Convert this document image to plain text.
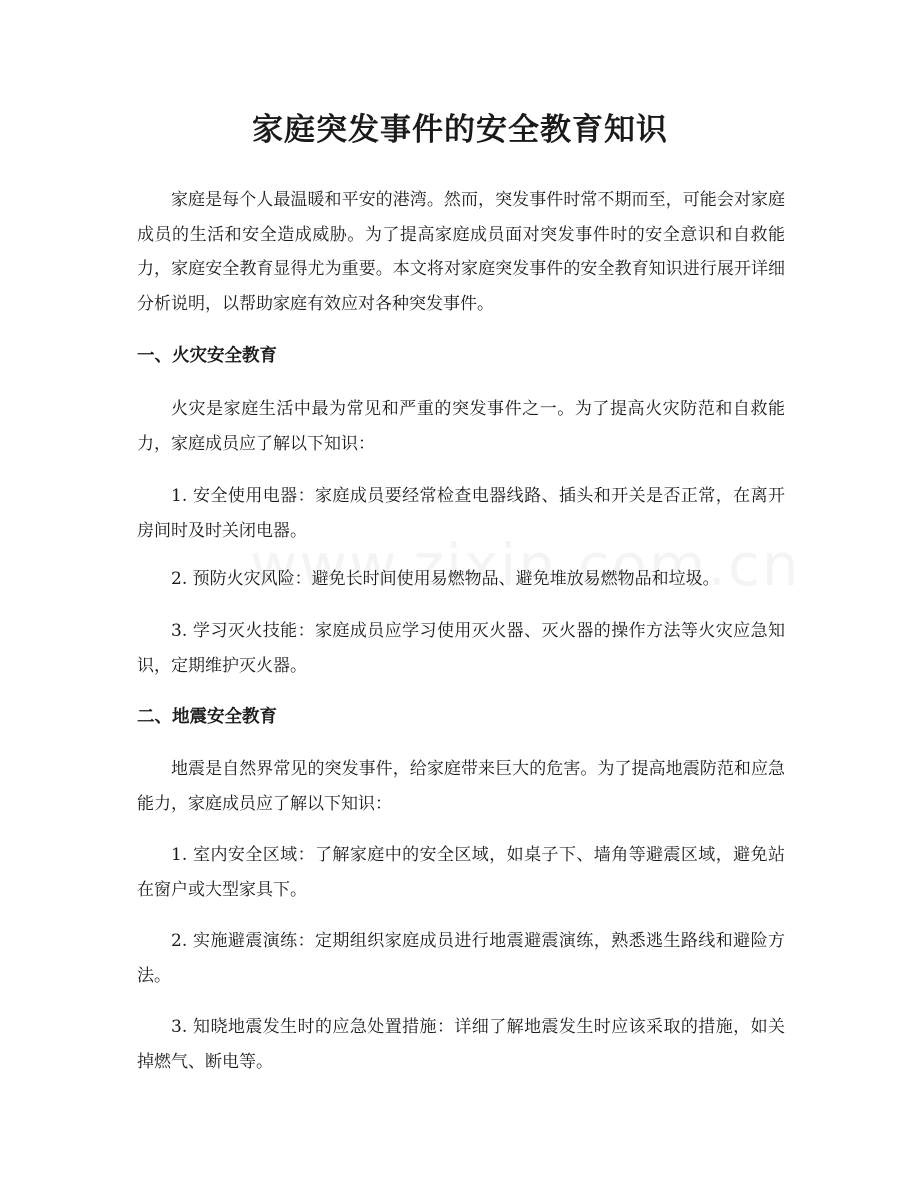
家庭突发事件的安全教育知识

家庭是每个人最温暖和平安的港湾。然而，突发事件时常不期而至，可能会对家庭成员的生活和安全造成威胁。为了提高家庭成员面对突发事件时的安全意识和自救能力，家庭安全教育显得尤为重要。本文将对家庭突发事件的安全教育知识进行展开详细分析说明，以帮助家庭有效应对各种突发事件。

一、火灾安全教育

火灾是家庭生活中最为常见和严重的突发事件之一。为了提高火灾防范和自救能力，家庭成员应了解以下知识：

1. 安全使用电器：家庭成员要经常检查电器线路、插头和开关是否正常，在离开房间时及时关闭电器。

2. 预防火灾风险：避免长时间使用易燃物品、避免堆放易燃物品和垃圾。

3. 学习灭火技能：家庭成员应学习使用灭火器、灭火器的操作方法等火灾应急知识，定期维护灭火器。

二、地震安全教育

地震是自然界常见的突发事件，给家庭带来巨大的危害。为了提高地震防范和应急能力，家庭成员应了解以下知识：

1. 室内安全区域：了解家庭中的安全区域，如桌子下、墙角等避震区域，避免站在窗户或大型家具下。

2. 实施避震演练：定期组织家庭成员进行地震避震演练，熟悉逃生路线和避险方法。

3. 知晓地震发生时的应急处置措施：详细了解地震发生时应该采取的措施，如关掉燃气、断电等。
